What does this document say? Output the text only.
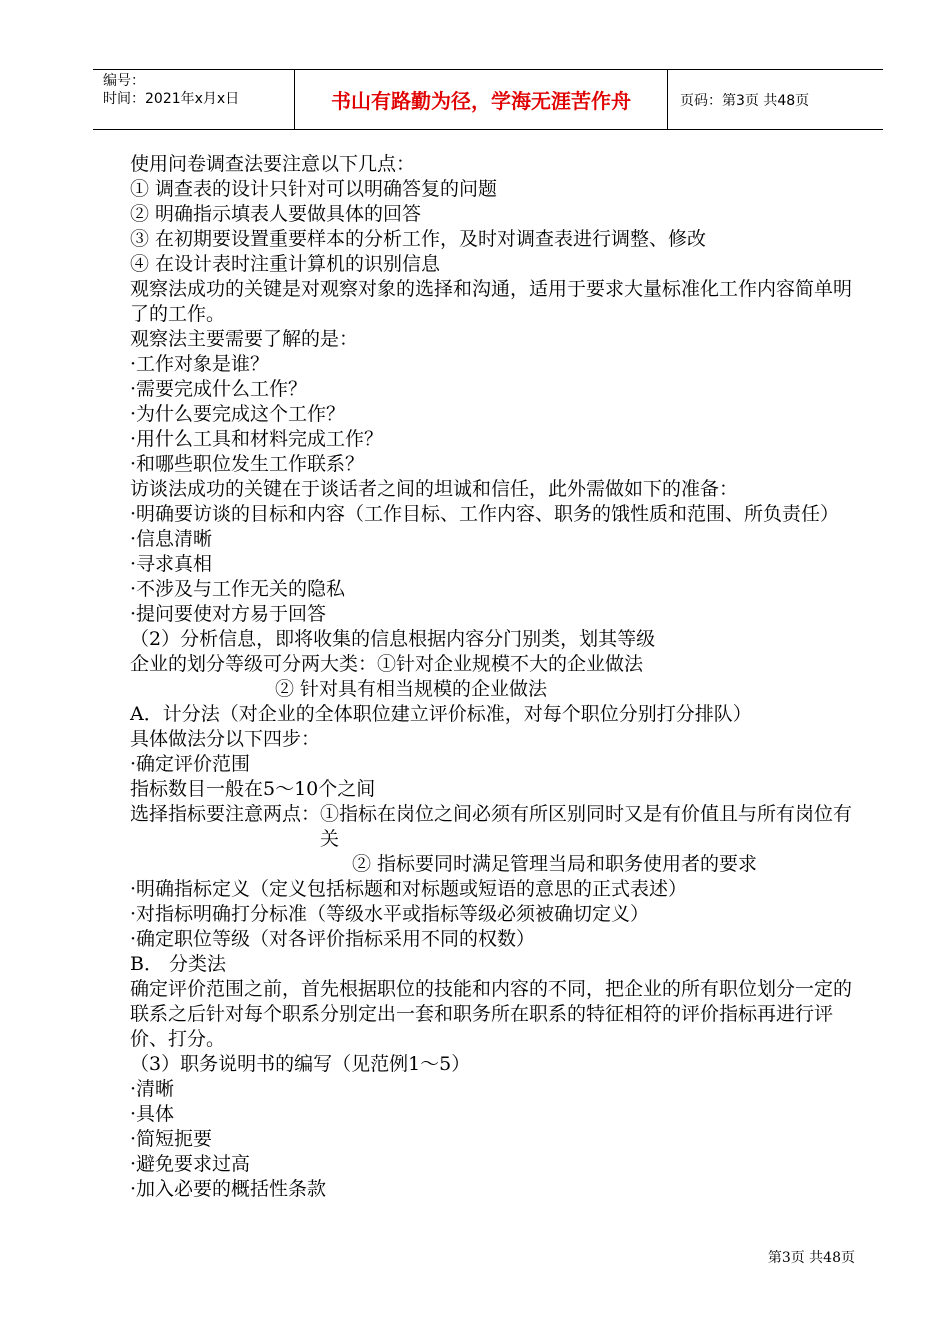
编号：
时间：2021年x月x日	书山有路勤为径，学海无涯苦作舟	页码：第3页 共48页
使用问卷调查法要注意以下几点：
① 调查表的设计只针对可以明确答复的问题
② 明确指示填表人要做具体的回答
③ 在初期要设置重要样本的分析工作，及时对调查表进行调整、修改
④ 在设计表时注重计算机的识别信息
观察法成功的关键是对观察对象的选择和沟通，适用于要求大量标准化工作内容简单明了的工作。
观察法主要需要了解的是：
·工作对象是谁？
·需要完成什么工作？
·为什么要完成这个工作？
·用什么工具和材料完成工作？
·和哪些职位发生工作联系？
访谈法成功的关键在于谈话者之间的坦诚和信任，此外需做如下的准备：
·明确要访谈的目标和内容（工作目标、工作内容、职务的饿性质和范围、所负责任）
·信息清晰
·寻求真相
·不涉及与工作无关的隐私
·提问要使对方易于回答
（2）分析信息，即将收集的信息根据内容分门别类，划其等级
企业的划分等级可分两大类：①针对企业规模不大的企业做法
② 针对具有相当规模的企业做法
A．计分法（对企业的全体职位建立评价标准，对每个职位分别打分排队）
具体做法分以下四步：
·确定评价范围
指标数目一般在5～10个之间
选择指标要注意两点： ①指标在岗位之间必须有所区别同时又是有价值且与所有岗位有关
② 指标要同时满足管理当局和职务使用者的要求
·明确指标定义（定义包括标题和对标题或短语的意思的正式表述）
·对指标明确打分标准（等级水平或指标等级必须被确切定义）
·确定职位等级（对各评价指标采用不同的权数）
B． 分类法
确定评价范围之前，首先根据职位的技能和内容的不同，把企业的所有职位划分一定的联系之后针对每个职系分别定出一套和职务所在职系的特征相符的评价指标再进行评价、打分。
（3）职务说明书的编写（见范例1～5）
·清晰
·具体
·简短扼要
·避免要求过高
·加入必要的概括性条款
第3页 共48页
